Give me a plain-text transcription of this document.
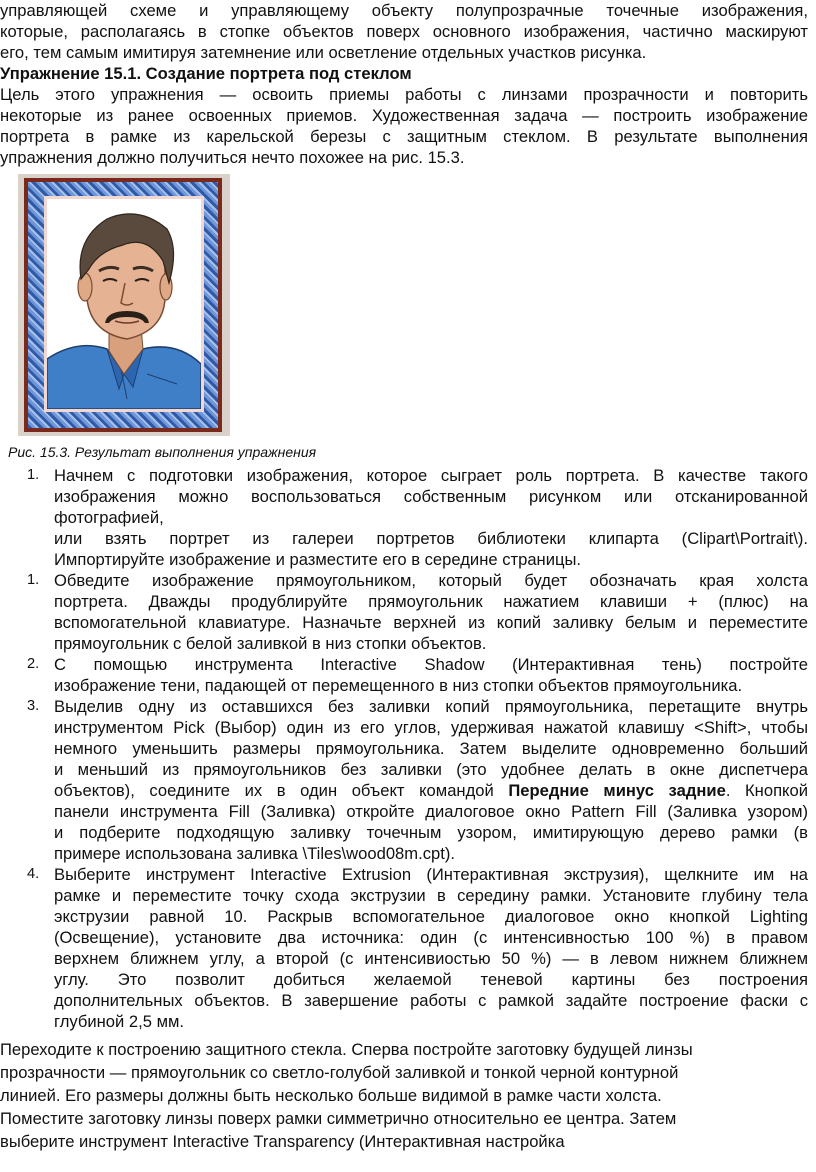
управляющей схеме и управляющему объекту полупрозрачные точечные изображения,

которые, располагаясь в стопке объектов поверх основного изображения, частично маскируют

его, тем самым имитируя затемнение или осветление отдельных участков рисунка.

Упражнение 15.1. Создание портрета под стеклом

Цель этого упражнения — освоить приемы работы с линзами прозрачности и повторить

некоторые из ранее освоенных приемов. Художественная задача — построить изображение

портрета в рамке из карельской березы с защитным стеклом. В результате выполнения

упражнения должно получиться нечто похожее на рис. 15.3.

Рис. 15.3. Результат выполнения упражнения

1. Начнем с подготовки изображения, которое сыграет роль портрета. В качестве такого

изображения можно воспользоваться собственным рисунком или отсканированной

фотографией,

или взять портрет из галереи портретов библиотеки клипарта (Clipart\Portrait\).

Импортируйте изображение и разместите его в середине страницы.

1. Обведите изображение прямоугольником, который будет обозначать края холста

портрета. Дважды продублируйте прямоугольник нажатием клавиши + (плюс) на

вспомогательной клавиатуре. Назначьте верхней из копий заливку белым и переместите

прямоугольник с белой заливкой в низ стопки объектов.

2. С помощью инструмента Interactive Shadow (Интерактивная тень) постройте

изображение тени, падающей от перемещенного в низ стопки объектов прямоугольника.

3. Выделив одну из оставшихся без заливки копий прямоугольника, перетащите внутрь

инструментом Pick (Выбор) один из его углов, удерживая нажатой клавишу <Shift>, чтобы

немного уменьшить размеры прямоугольника. Затем выделите одновременно больший

и меньший из прямоугольников без заливки (это удобнее делать в окне диспетчера

объектов), соедините их в один объект командой Передние минус задние. Кнопкой

панели инструмента Fill (Заливка) откройте диалоговое окно Pattern Fill (Заливка узором)

и подберите подходящую заливку точечным узором, имитирующую дерево рамки (в

примере использована заливка \Tiles\wood08m.cpt).

4. Выберите инструмент Interactive Extrusion (Интерактивная экструзия), щелкните им на

рамке и переместите точку схода экструзии в середину рамки. Установите глубину тела

экструзии равной 10. Раскрыв вспомогательное диалоговое окно кнопкой Lighting

(Освещение), установите два источника: один (с интенсивностью 100 %) в правом

верхнем ближнем углу, а второй (с интенсивиостью 50 %) — в левом нижнем ближнем

углу. Это позволит добиться желаемой теневой картины без построения

дополнительных объектов. В завершение работы с рамкой задайте построение фаски с

глубиной 2,5 мм.

Переходите к построению защитного стекла. Сперва постройте заготовку будущей линзы

прозрачности — прямоугольник со светло-голубой заливкой и тонкой черной контурной

линией. Его размеры должны быть несколько больше видимой в рамке части холста.

Поместите заготовку линзы поверх рамки симметрично относительно ее центра. Затем

выберите инструмент Interactive Transparency (Интерактивная настройка
